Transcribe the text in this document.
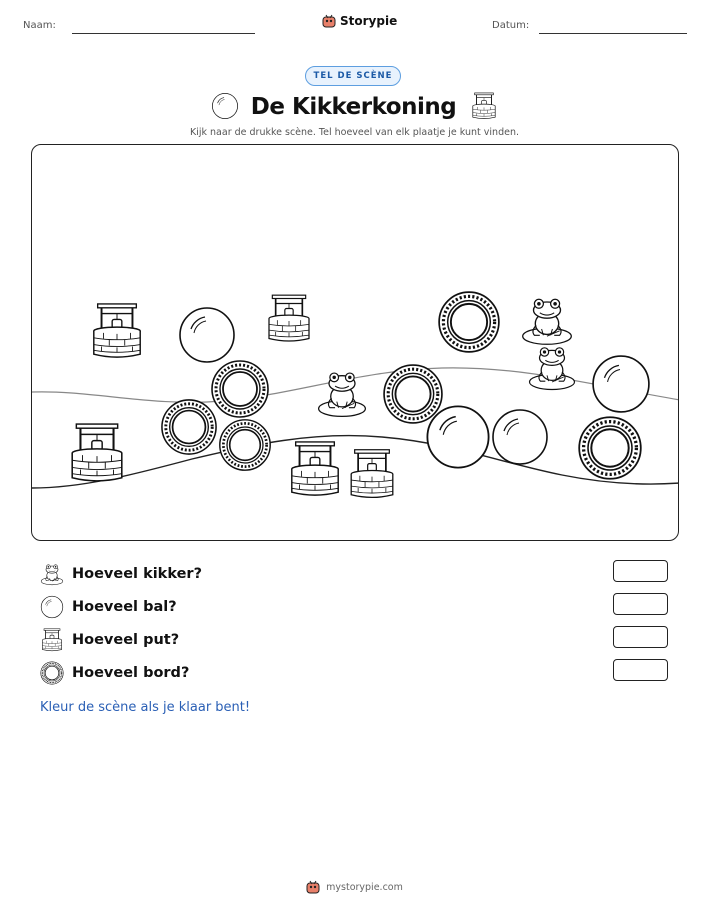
Naam:	Storypie	Datum:
TEL DE SCÈNE
De Kikkerkoning
Kijk naar de drukke scène. Tel hoeveel van elk plaatje je kunt vinden.
Hoeveel kikker?
Hoeveel bal?
Hoeveel put?
Hoeveel bord?
Kleur de scène als je klaar bent!
mystorypie.com
